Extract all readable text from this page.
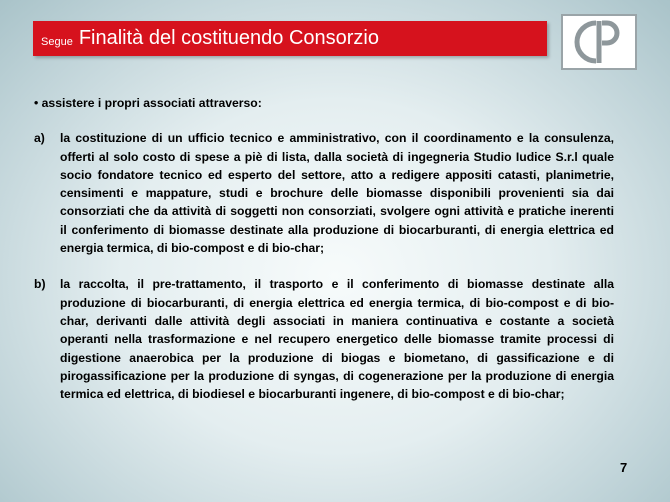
Segue Finalità del costituendo Consorzio

• assistere i propri associati attraverso:

a)	la costituzione di un ufficio tecnico e amministrativo, con il coordinamento e la consulenza, offerti al solo costo di spese a piè di lista, dalla società di ingegneria Studio Iudice S.r.l quale socio fondatore tecnico ed esperto del settore, atto a redigere appositi catasti, planimetrie, censimenti e mappature, studi e brochure delle biomasse disponibili provenienti sia dai consorziati che da attività di soggetti non consorziati, svolgere ogni attività e pratiche inerenti il conferimento di biomasse destinate alla produzione di biocarburanti, di energia elettrica ed energia termica, di bio-compost e di bio-char;
b)	la raccolta, il pre-trattamento, il trasporto e il conferimento di biomasse destinate alla produzione di biocarburanti, di energia elettrica ed energia termica, di bio-compost e di bio-char, derivanti dalle attività degli associati in maniera continuativa e costante a società operanti nella trasformazione e nel recupero energetico delle biomasse tramite processi di digestione anaerobica per la produzione di biogas e biometano, di gassificazione e di pirogassificazione per la produzione di syngas, di cogenerazione per la produzione di energia termica ed elettrica, di biodiesel e biocarburanti ingenere, di bio-compost e di bio-char;
7
